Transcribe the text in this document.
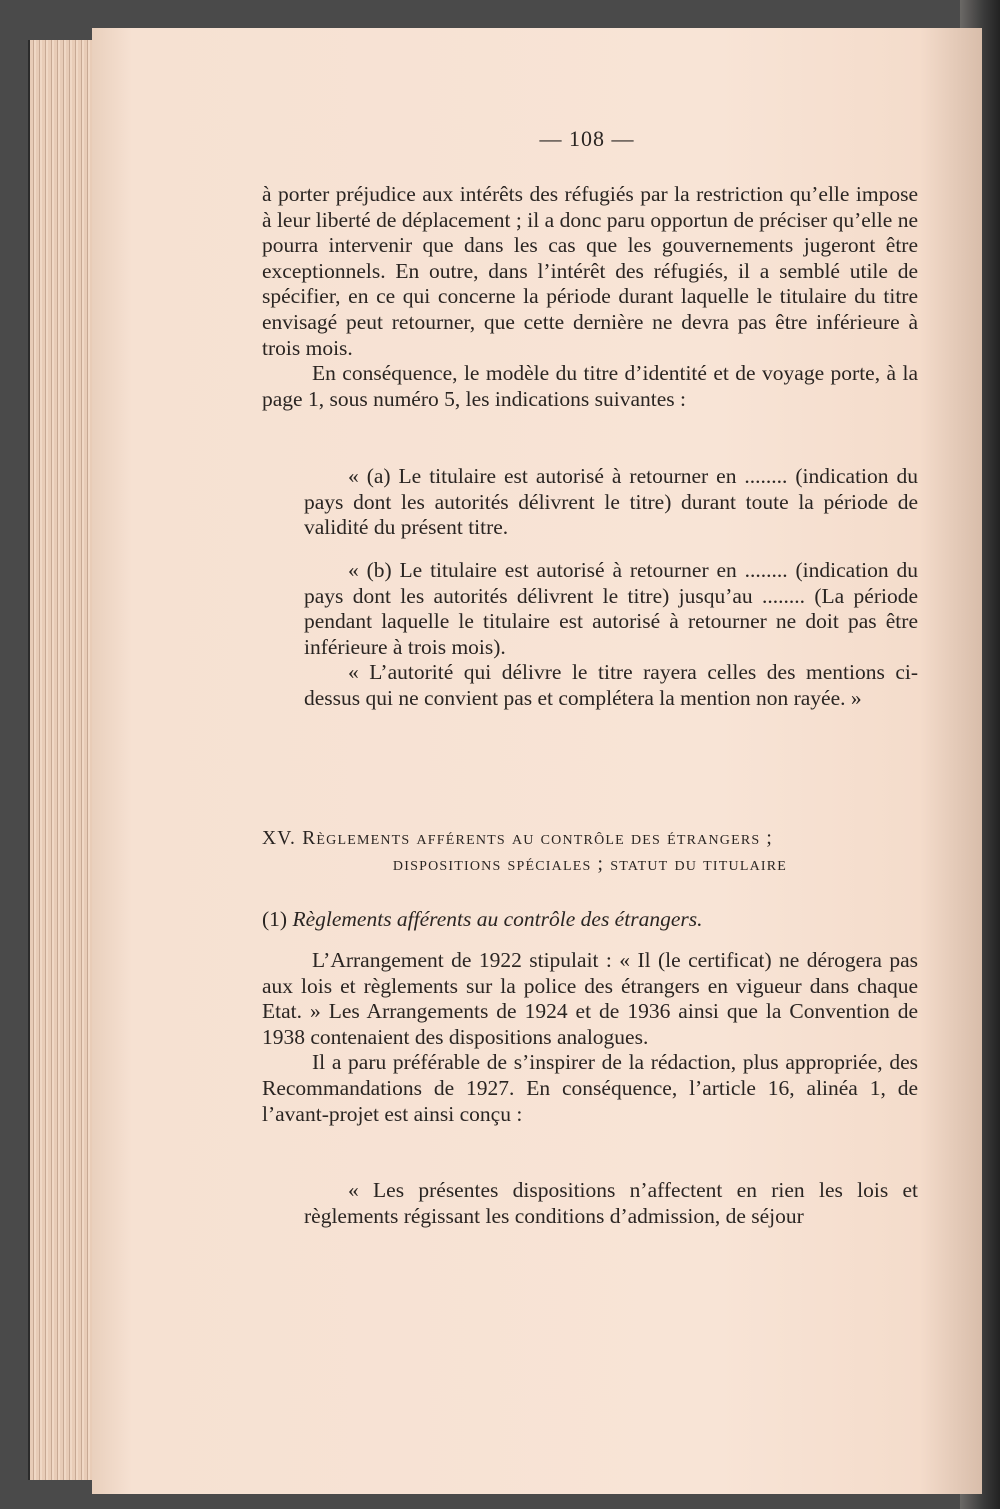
— 108 —

à porter préjudice aux intérêts des réfugiés par la restriction qu’elle impose à leur liberté de déplacement ; il a donc paru opportun de préciser qu’elle ne pourra intervenir que dans les cas que les gouvernements jugeront être exceptionnels. En outre, dans l’intérêt des réfugiés, il a semblé utile de spécifier, en ce qui concerne la période durant laquelle le titulaire du titre envisagé peut retourner, que cette dernière ne devra pas être inférieure à trois mois.

En conséquence, le modèle du titre d’identité et de voyage porte, à la page 1, sous numéro 5, les indications suivantes :

« (a) Le titulaire est autorisé à retourner en ........ (indication du pays dont les autorités délivrent le titre) durant toute la période de validité du présent titre.

« (b) Le titulaire est autorisé à retourner en ........ (indication du pays dont les autorités délivrent le titre) jusqu’au ........ (La période pendant laquelle le titulaire est autorisé à retourner ne doit pas être inférieure à trois mois).

« L’autorité qui délivre le titre rayera celles des mentions ci-dessus qui ne convient pas et complétera la mention non rayée. »

XV. Règlements afférents au contrôle des étrangers ;
dispositions spéciales ; statut du titulaire
(1) Règlements afférents au contrôle des étrangers.

L’Arrangement de 1922 stipulait : « Il (le certificat) ne dérogera pas aux lois et règlements sur la police des étrangers en vigueur dans chaque Etat. » Les Arrangements de 1924 et de 1936 ainsi que la Convention de 1938 contenaient des dispositions analogues.

Il a paru préférable de s’inspirer de la rédaction, plus appropriée, des Recommandations de 1927. En conséquence, l’article 16, alinéa 1, de l’avant-projet est ainsi conçu :

« Les présentes dispositions n’affectent en rien les lois et règlements régissant les conditions d’admission, de séjour
